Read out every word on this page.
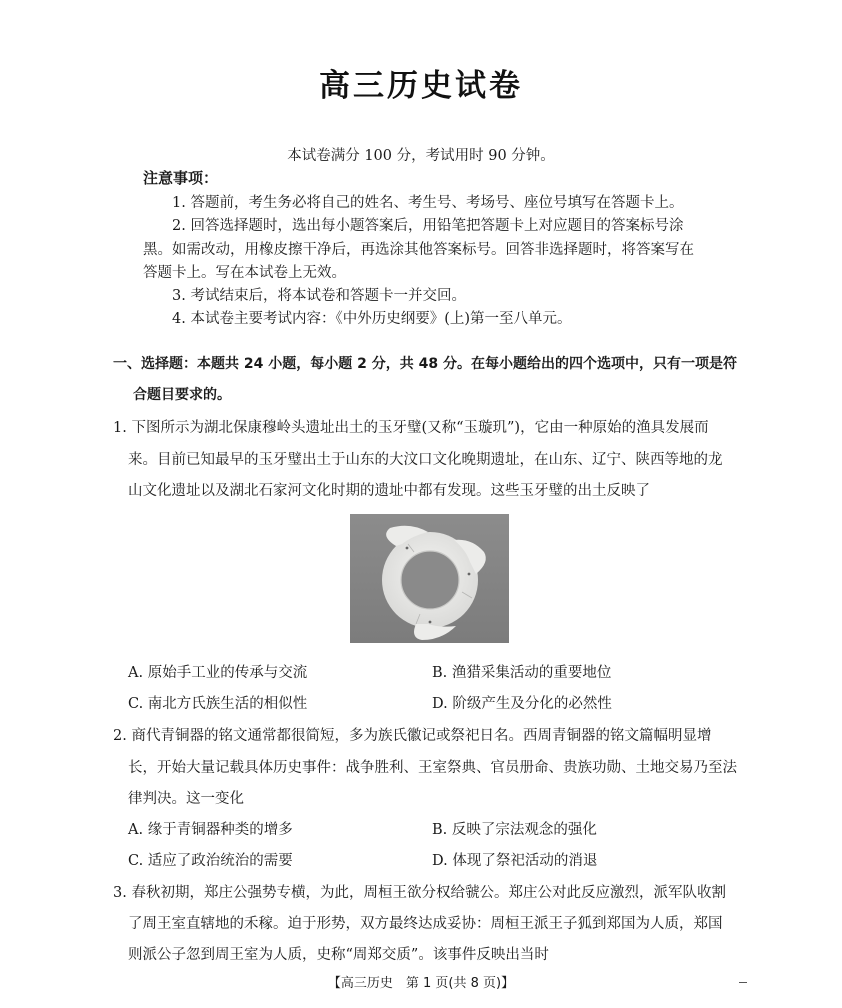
高三历史试卷
本试卷满分 100 分，考试用时 90 分钟。
注意事项：
1. 答题前，考生务必将自己的姓名、考生号、考场号、座位号填写在答题卡上。
2. 回答选择题时，选出每小题答案后，用铅笔把答题卡上对应题目的答案标号涂
黑。如需改动，用橡皮擦干净后，再选涂其他答案标号。回答非选择题时，将答案写在
答题卡上。写在本试卷上无效。
3. 考试结束后，将本试卷和答题卡一并交回。
4. 本试卷主要考试内容：《中外历史纲要》(上)第一至八单元。
一、选择题：本题共 24 小题，每小题 2 分，共 48 分。在每小题给出的四个选项中，只有一项是符
合题目要求的。
1. 下图所示为湖北保康穆岭头遗址出土的玉牙璧(又称“玉璇玑”)，它由一种原始的渔具发展而
来。目前已知最早的玉牙璧出土于山东的大汶口文化晚期遗址，在山东、辽宁、陕西等地的龙
山文化遗址以及湖北石家河文化时期的遗址中都有发现。这些玉牙璧的出土反映了
A. 原始手工业的传承与交流	B. 渔猎采集活动的重要地位
C. 南北方氏族生活的相似性	D. 阶级产生及分化的必然性
2. 商代青铜器的铭文通常都很简短，多为族氏徽记或祭祀日名。西周青铜器的铭文篇幅明显增
长，开始大量记载具体历史事件：战争胜利、王室祭典、官员册命、贵族功勋、土地交易乃至法
律判决。这一变化
A. 缘于青铜器种类的增多	B. 反映了宗法观念的强化
C. 适应了政治统治的需要	D. 体现了祭祀活动的消退
3. 春秋初期，郑庄公强势专横，为此，周桓王欲分权给虢公。郑庄公对此反应激烈，派军队收割
了周王室直辖地的禾稼。迫于形势，双方最终达成妥协：周桓王派王子狐到郑国为人质，郑国
则派公子忽到周王室为人质，史称“周郑交质”。该事件反映出当时
【高三历史　第 1 页(共 8 页)】
